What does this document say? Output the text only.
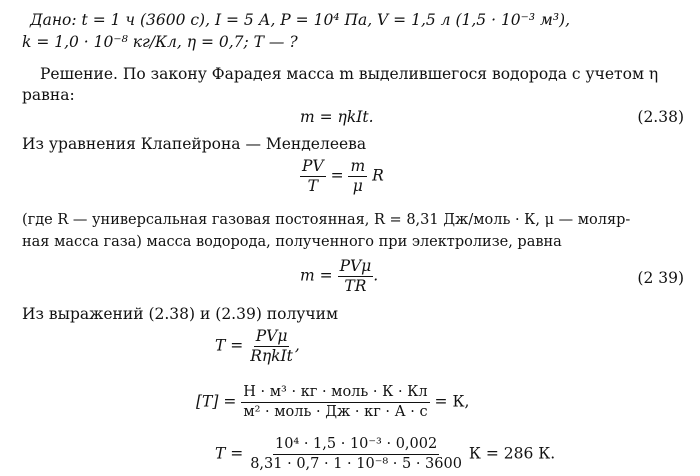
Дано: t = 1 ч (3600 с), I = 5 А, P = 10⁴ Па, V = 1,5 л (1,5 · 10⁻³ м³),
k = 1,0 · 10⁻⁸ кг/Кл, η = 0,7; T — ?
Решение. По закону Фарадея масса m выделившегося водорода с учетом η
равна:
m = ηkIt.	(2.38)
Из уравнения Клапейрона — Менделеева
$\frac{PV}{T} = \frac{m}{\mu}$ R
(где R — универсальная газовая постоянная, R = 8,31 Дж/моль · К, μ — моляр-
ная масса газа) масса водорода, полученного при электролизе, равна
$m = \frac{\text{PVμ}}{TR}$ .	(2 39)
Из выражений (2.38) и (2.39) получим
$T = \frac{\text{PVμ}}{\text{RηkIt}}$ ,
$[T] = \frac{\text{Н · м³ · кг · моль · К · Кл}}{\text{м² · моль · Дж · кг · А · с}} = К$,
$T = \frac{\text{10⁴ · 1,5 · 10⁻³ · 0,002}}{\text{8,31 · 0,7 · 1 · 10⁻⁸ · 5 · 3600}}$ К = 286 К.
